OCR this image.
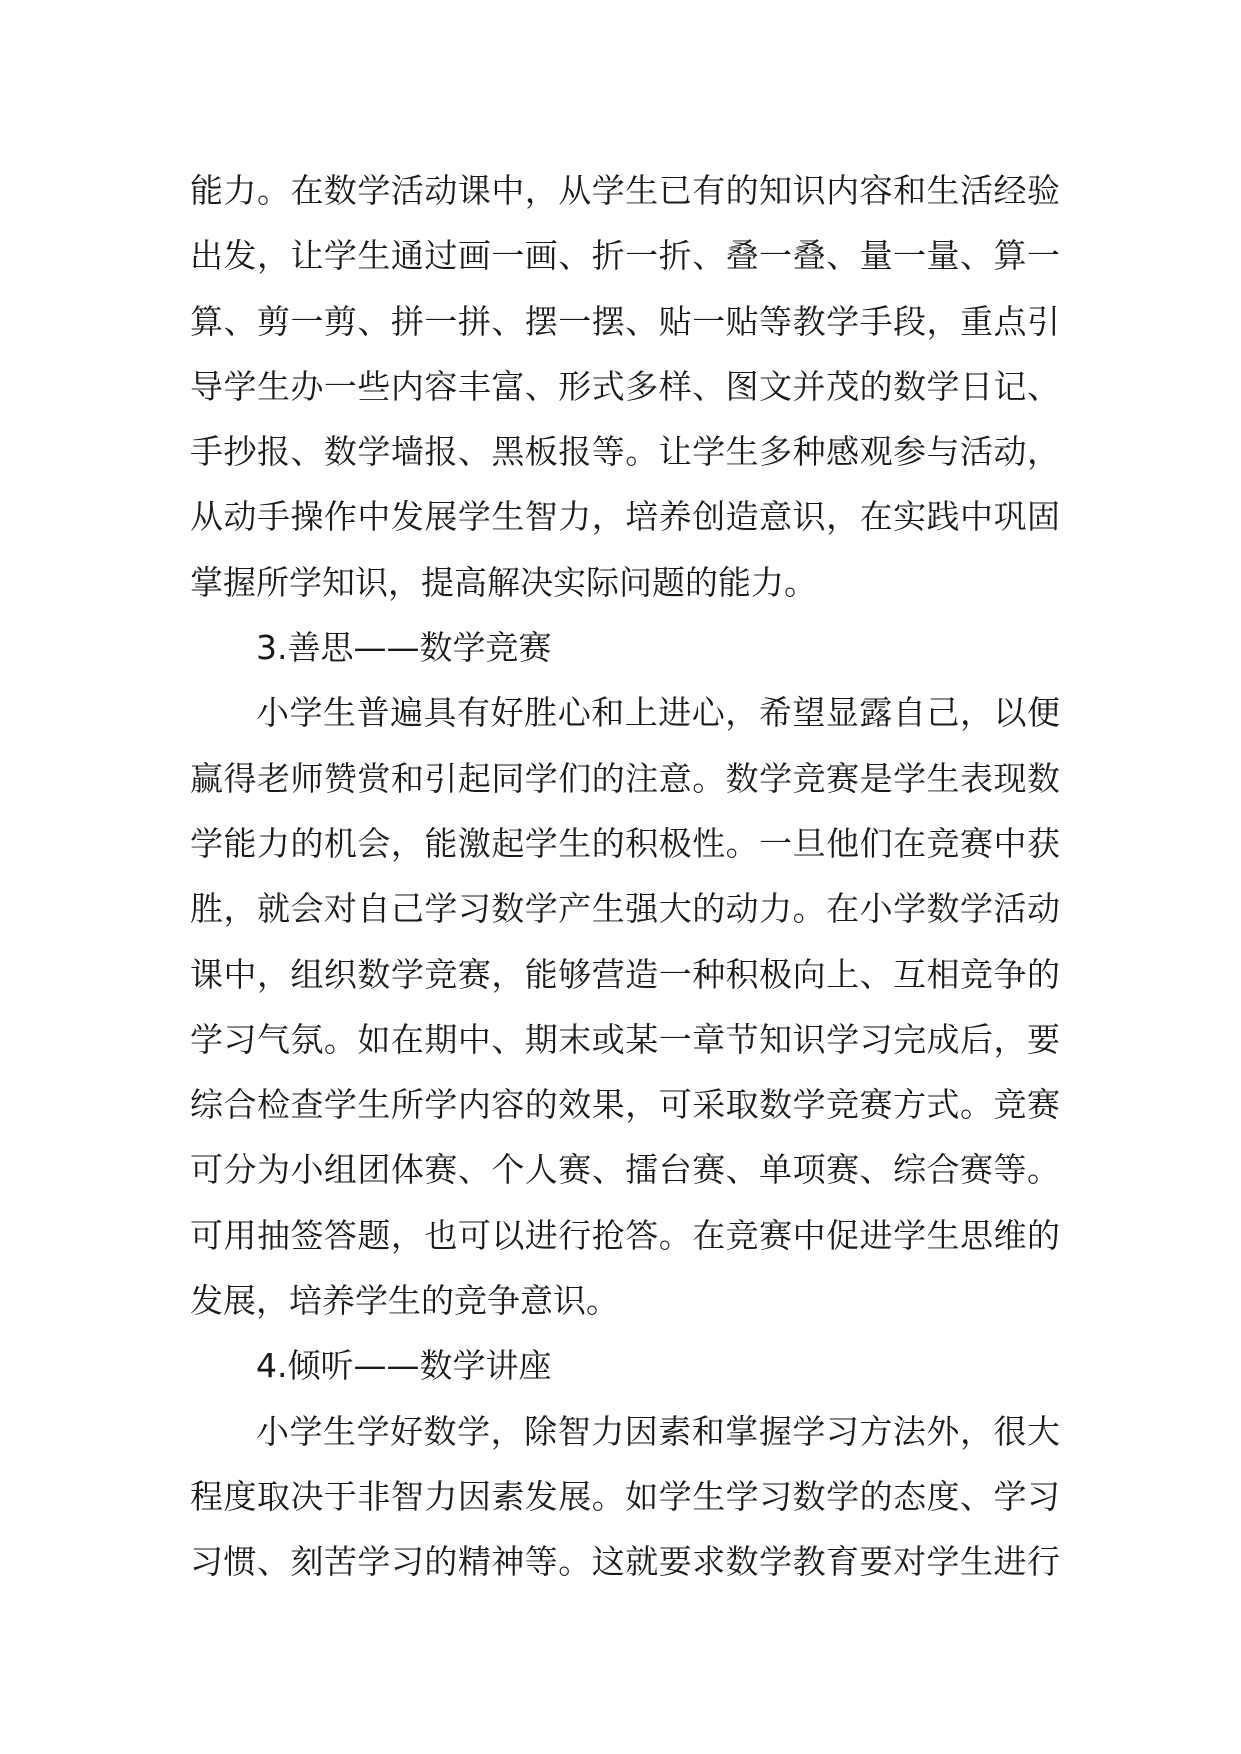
能力。在数学活动课中，从学生已有的知识内容和生活经验
出发，让学生通过画一画、折一折、叠一叠、量一量、算一
算、剪一剪、拼一拼、摆一摆、贴一贴等教学手段，重点引
导学生办一些内容丰富、形式多样、图文并茂的数学日记、
手抄报、数学墙报、黑板报等。让学生多种感观参与活动，
从动手操作中发展学生智力，培养创造意识，在实践中巩固
掌握所学知识，提高解决实际问题的能力。
3.善思——数学竞赛
小学生普遍具有好胜心和上进心，希望显露自己，以便
赢得老师赞赏和引起同学们的注意。数学竞赛是学生表现数
学能力的机会，能激起学生的积极性。一旦他们在竞赛中获
胜，就会对自己学习数学产生强大的动力。在小学数学活动
课中，组织数学竞赛，能够营造一种积极向上、互相竞争的
学习气氛。如在期中、期末或某一章节知识学习完成后，要
综合检查学生所学内容的效果，可采取数学竞赛方式。竞赛
可分为小组团体赛、个人赛、擂台赛、单项赛、综合赛等。
可用抽签答题，也可以进行抢答。在竞赛中促进学生思维的
发展，培养学生的竞争意识。
4.倾听——数学讲座
小学生学好数学，除智力因素和掌握学习方法外，很大
程度取决于非智力因素发展。如学生学习数学的态度、学习
习惯、刻苦学习的精神等。这就要求数学教育要对学生进行
